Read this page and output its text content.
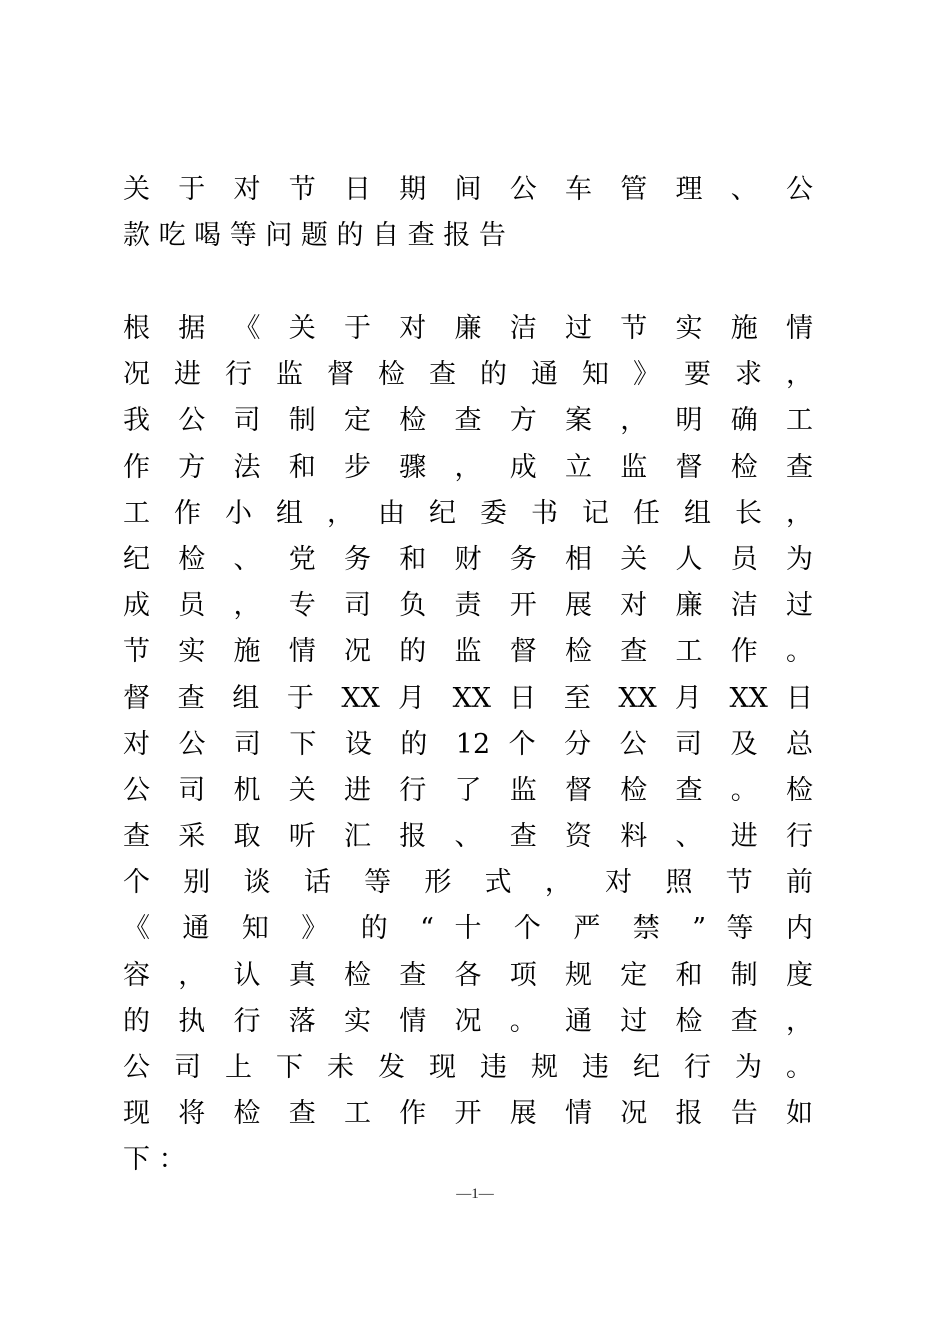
关 于 对 节 日 期 间 公 车 管 理 、 公
款 吃 喝 等 问 题 的 自 查 报 告
根 据 《 关 于 对 廉 洁 过 节 实 施 情
况 进 行 监 督 检 查 的 通 知 》 要 求 ，
我 公 司 制 定 检 查 方 案 ， 明 确 工
作 方 法 和 步 骤 ， 成 立 监 督 检 查
工 作 小 组 ， 由 纪 委 书 记 任 组 长 ，
纪 检 、 党 务 和 财 务 相 关 人 员 为
成 员 ， 专 司 负 责 开 展 对 廉 洁 过
节 实 施 情 况 的 监 督 检 查 工 作 。
督 查 组 于 XX 月 XX 日 至 XX 月 XX 日
对 公 司 下 设 的 12 个 分 公 司 及 总
公 司 机 关 进 行 了 监 督 检 查 。 检
查 采 取 听 汇 报 、 查 资 料 、 进 行
个 别 谈 话 等 形 式 ， 对 照 节 前
《 通 知 》 的 “ 十 个 严 禁 ” 等 内
容 ， 认 真 检 查 各 项 规 定 和 制 度
的 执 行 落 实 情 况 。 通 过 检 查 ，
公 司 上 下 未 发 现 违 规 违 纪 行 为 。
现 将 检 查 工 作 开 展 情 况 报 告 如
下 ：
—1—
